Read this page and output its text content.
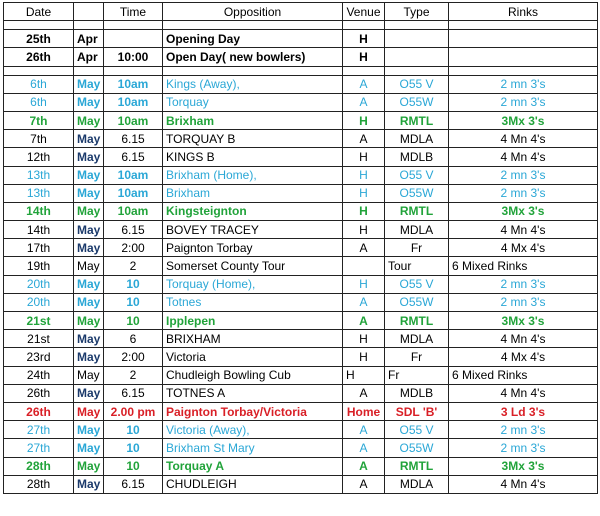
Date		Time	Opposition	Venue	Type	Rinks

25th	Apr		Opening Day	H		
26th	Apr	10:00	Open Day( new bowlers)	H		

6th	May	10am	Kings (Away),	A	O55 V	2 mn 3's
6th	May	10am	Torquay	A	O55W	2 mn 3's
7th	May	10am	Brixham	H	RMTL	3Mx 3's
7th	May	6.15	TORQUAY B	A	MDLA	4 Mn 4's
12th	May	6.15	KINGS B	H	MDLB	4 Mn 4's
13th	May	10am	Brixham (Home),	H	O55 V	2 mn 3's
13th	May	10am	Brixham	H	O55W	2 mn 3's
14th	May	10am	Kingsteignton	H	RMTL	3Mx 3's
14th	May	6.15	BOVEY TRACEY	H	MDLA	4 Mn 4's
17th	May	2:00	Paignton Torbay	A	Fr	4 Mx 4's
19th	May	2	Somerset County Tour		Tour	6 Mixed Rinks
20th	May	10	Torquay (Home),	H	O55 V	2 mn 3's
20th	May	10	Totnes	A	O55W	2 mn 3's
21st	May	10	Ipplepen	A	RMTL	3Mx 3's
21st	May	6	BRIXHAM	H	MDLA	4 Mn 4's
23rd	May	2:00	Victoria	H	Fr	4 Mx 4's
24th	May	2	Chudleigh Bowling Cub	H	Fr	6 Mixed Rinks
26th	May	6.15	TOTNES A	A	MDLB	4 Mn 4's
26th	May	2.00 pm	Paignton Torbay/Victoria	Home	SDL 'B'	3 Ld 3's
27th	May	10	Victoria (Away),	A	O55 V	2 mn 3's
27th	May	10	Brixham St Mary	A	O55W	2 mn 3's
28th	May	10	Torquay A	A	RMTL	3Mx 3's
28th	May	6.15	CHUDLEIGH	A	MDLA	4 Mn 4's
